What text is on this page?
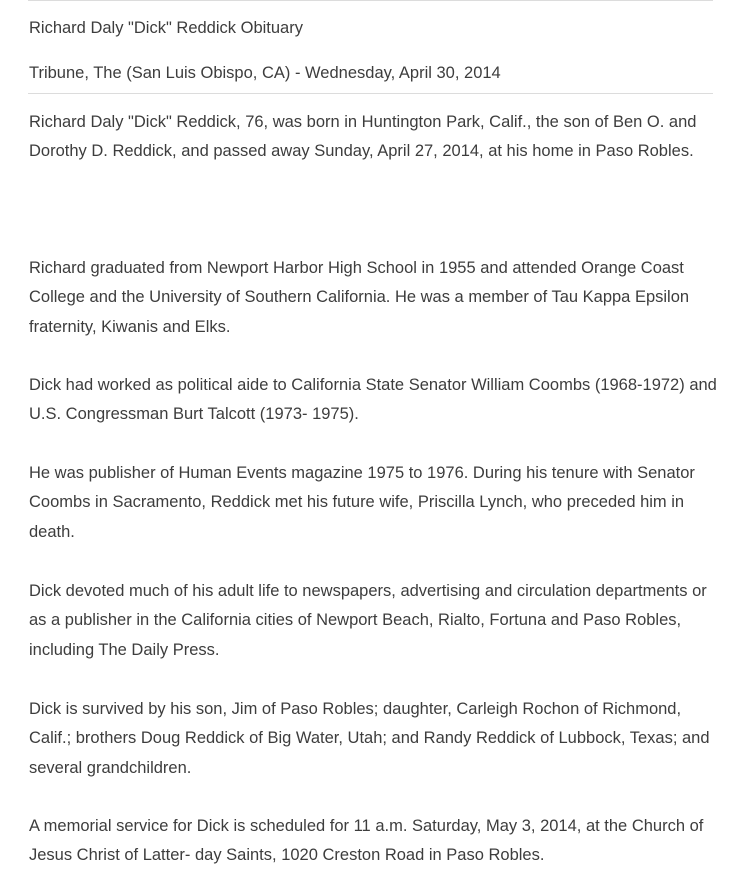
Richard Daly "Dick" Reddick Obituary
Tribune, The (San Luis Obispo, CA) - Wednesday, April 30, 2014

Richard Daly "Dick" Reddick, 76, was born in Huntington Park, Calif., the son of Ben O. and Dorothy D. Reddick, and passed away Sunday, April 27, 2014, at his home in Paso Robles.

Richard graduated from Newport Harbor High School in 1955 and attended Orange Coast College and the University of Southern California. He was a member of Tau Kappa Epsilon fraternity, Kiwanis and Elks.

Dick had worked as political aide to California State Senator William Coombs (1968-1972) and U.S. Congressman Burt Talcott (1973- 1975).

He was publisher of Human Events magazine 1975 to 1976. During his tenure with Senator Coombs in Sacramento, Reddick met his future wife, Priscilla Lynch, who preceded him in death.

Dick devoted much of his adult life to newspapers, advertising and circulation departments or as a publisher in the California cities of Newport Beach, Rialto, Fortuna and Paso Robles, including The Daily Press.

Dick is survived by his son, Jim of Paso Robles; daughter, Carleigh Rochon of Richmond, Calif.; brothers Doug Reddick of Big Water, Utah; and Randy Reddick of Lubbock, Texas; and several grandchildren.

A memorial service for Dick is scheduled for 11 a.m. Saturday, May 3, 2014, at the Church of Jesus Christ of Latter- day Saints, 1020 Creston Road in Paso Robles.
